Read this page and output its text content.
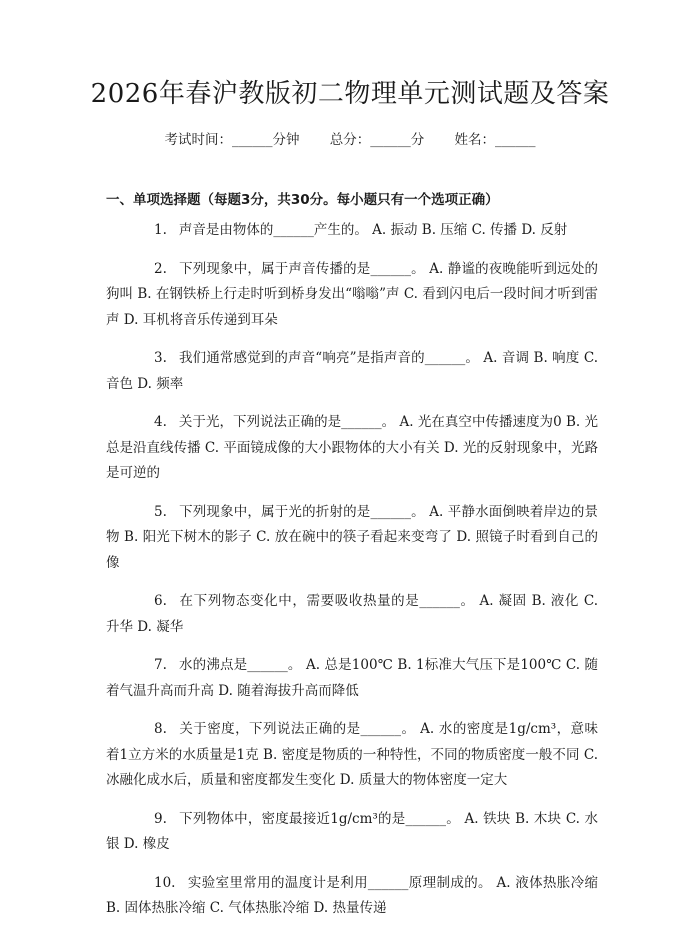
2026年春沪教版初二物理单元测试题及答案
考试时间：______分钟 总分：______分 姓名：______
一、单项选择题（每题3分，共30分。每小题只有一个选项正确）

1. 声音是由物体的______产生的。 A. 振动 B. 压缩 C. 传播 D. 反射

2. 下列现象中，属于声音传播的是______。 A. 静谧的夜晚能听到远处的狗叫 B. 在钢铁桥上行走时听到桥身发出“嗡嗡”声 C. 看到闪电后一段时间才听到雷声 D. 耳机将音乐传递到耳朵

3. 我们通常感觉到的声音“响亮”是指声音的______。 A. 音调 B. 响度 C. 音色 D. 频率

4. 关于光，下列说法正确的是______。 A. 光在真空中传播速度为0 B. 光总是沿直线传播 C. 平面镜成像的大小跟物体的大小有关 D. 光的反射现象中，光路是可逆的

5. 下列现象中，属于光的折射的是______。 A. 平静水面倒映着岸边的景物 B. 阳光下树木的影子 C. 放在碗中的筷子看起来变弯了 D. 照镜子时看到自己的像

6. 在下列物态变化中，需要吸收热量的是______。 A. 凝固 B. 液化 C. 升华 D. 凝华

7. 水的沸点是______。 A. 总是100℃ B. 1标准大气压下是100℃ C. 随着气温升高而升高 D. 随着海拔升高而降低

8. 关于密度，下列说法正确的是______。 A. 水的密度是1g/cm³，意味着1立方米的水质量是1克 B. 密度是物质的一种特性，不同的物质密度一般不同 C. 冰融化成水后，质量和密度都发生变化 D. 质量大的物体密度一定大

9. 下列物体中，密度最接近1g/cm³的是______。 A. 铁块 B. 木块 C. 水银 D. 橡皮

10. 实验室里常用的温度计是利用______原理制成的。 A. 液体热胀冷缩 B. 固体热胀冷缩 C. 气体热胀冷缩 D. 热量传递
